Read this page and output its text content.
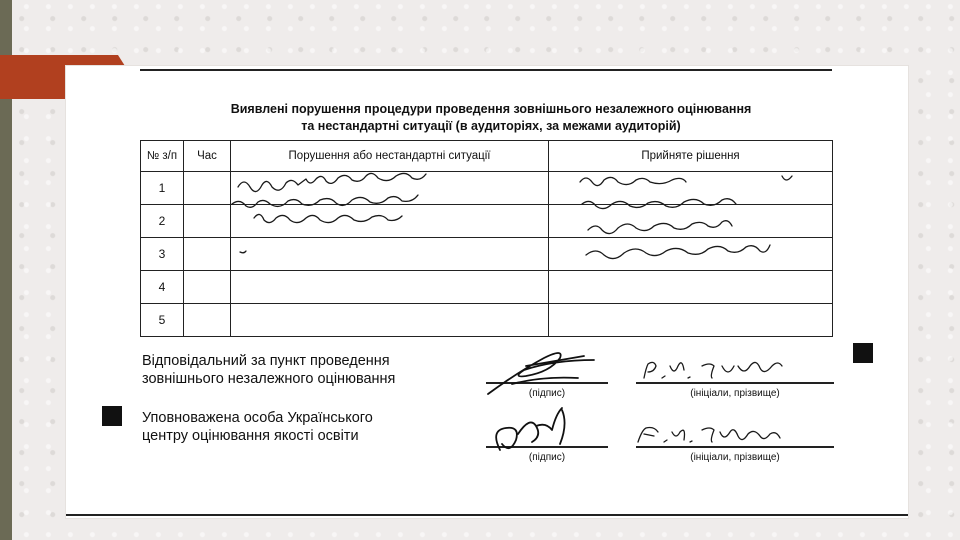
Виявлені порушення процедури проведення зовнішнього незалежного оцінювання
та нестандартні ситуації (в аудиторіях, за межами аудиторій)
№ з/п	Час	Порушення або нестандартні ситуації	Прийняте рішення
1			
2			
3			
4			
5			
Відповідальний за пункт проведення
зовнішнього незалежного оцінювання
Уповноважена особа Українського
центру оцінювання якості освіти
(підпис)	(ініціали, прізвище)
(підпис)	(ініціали, прізвище)
